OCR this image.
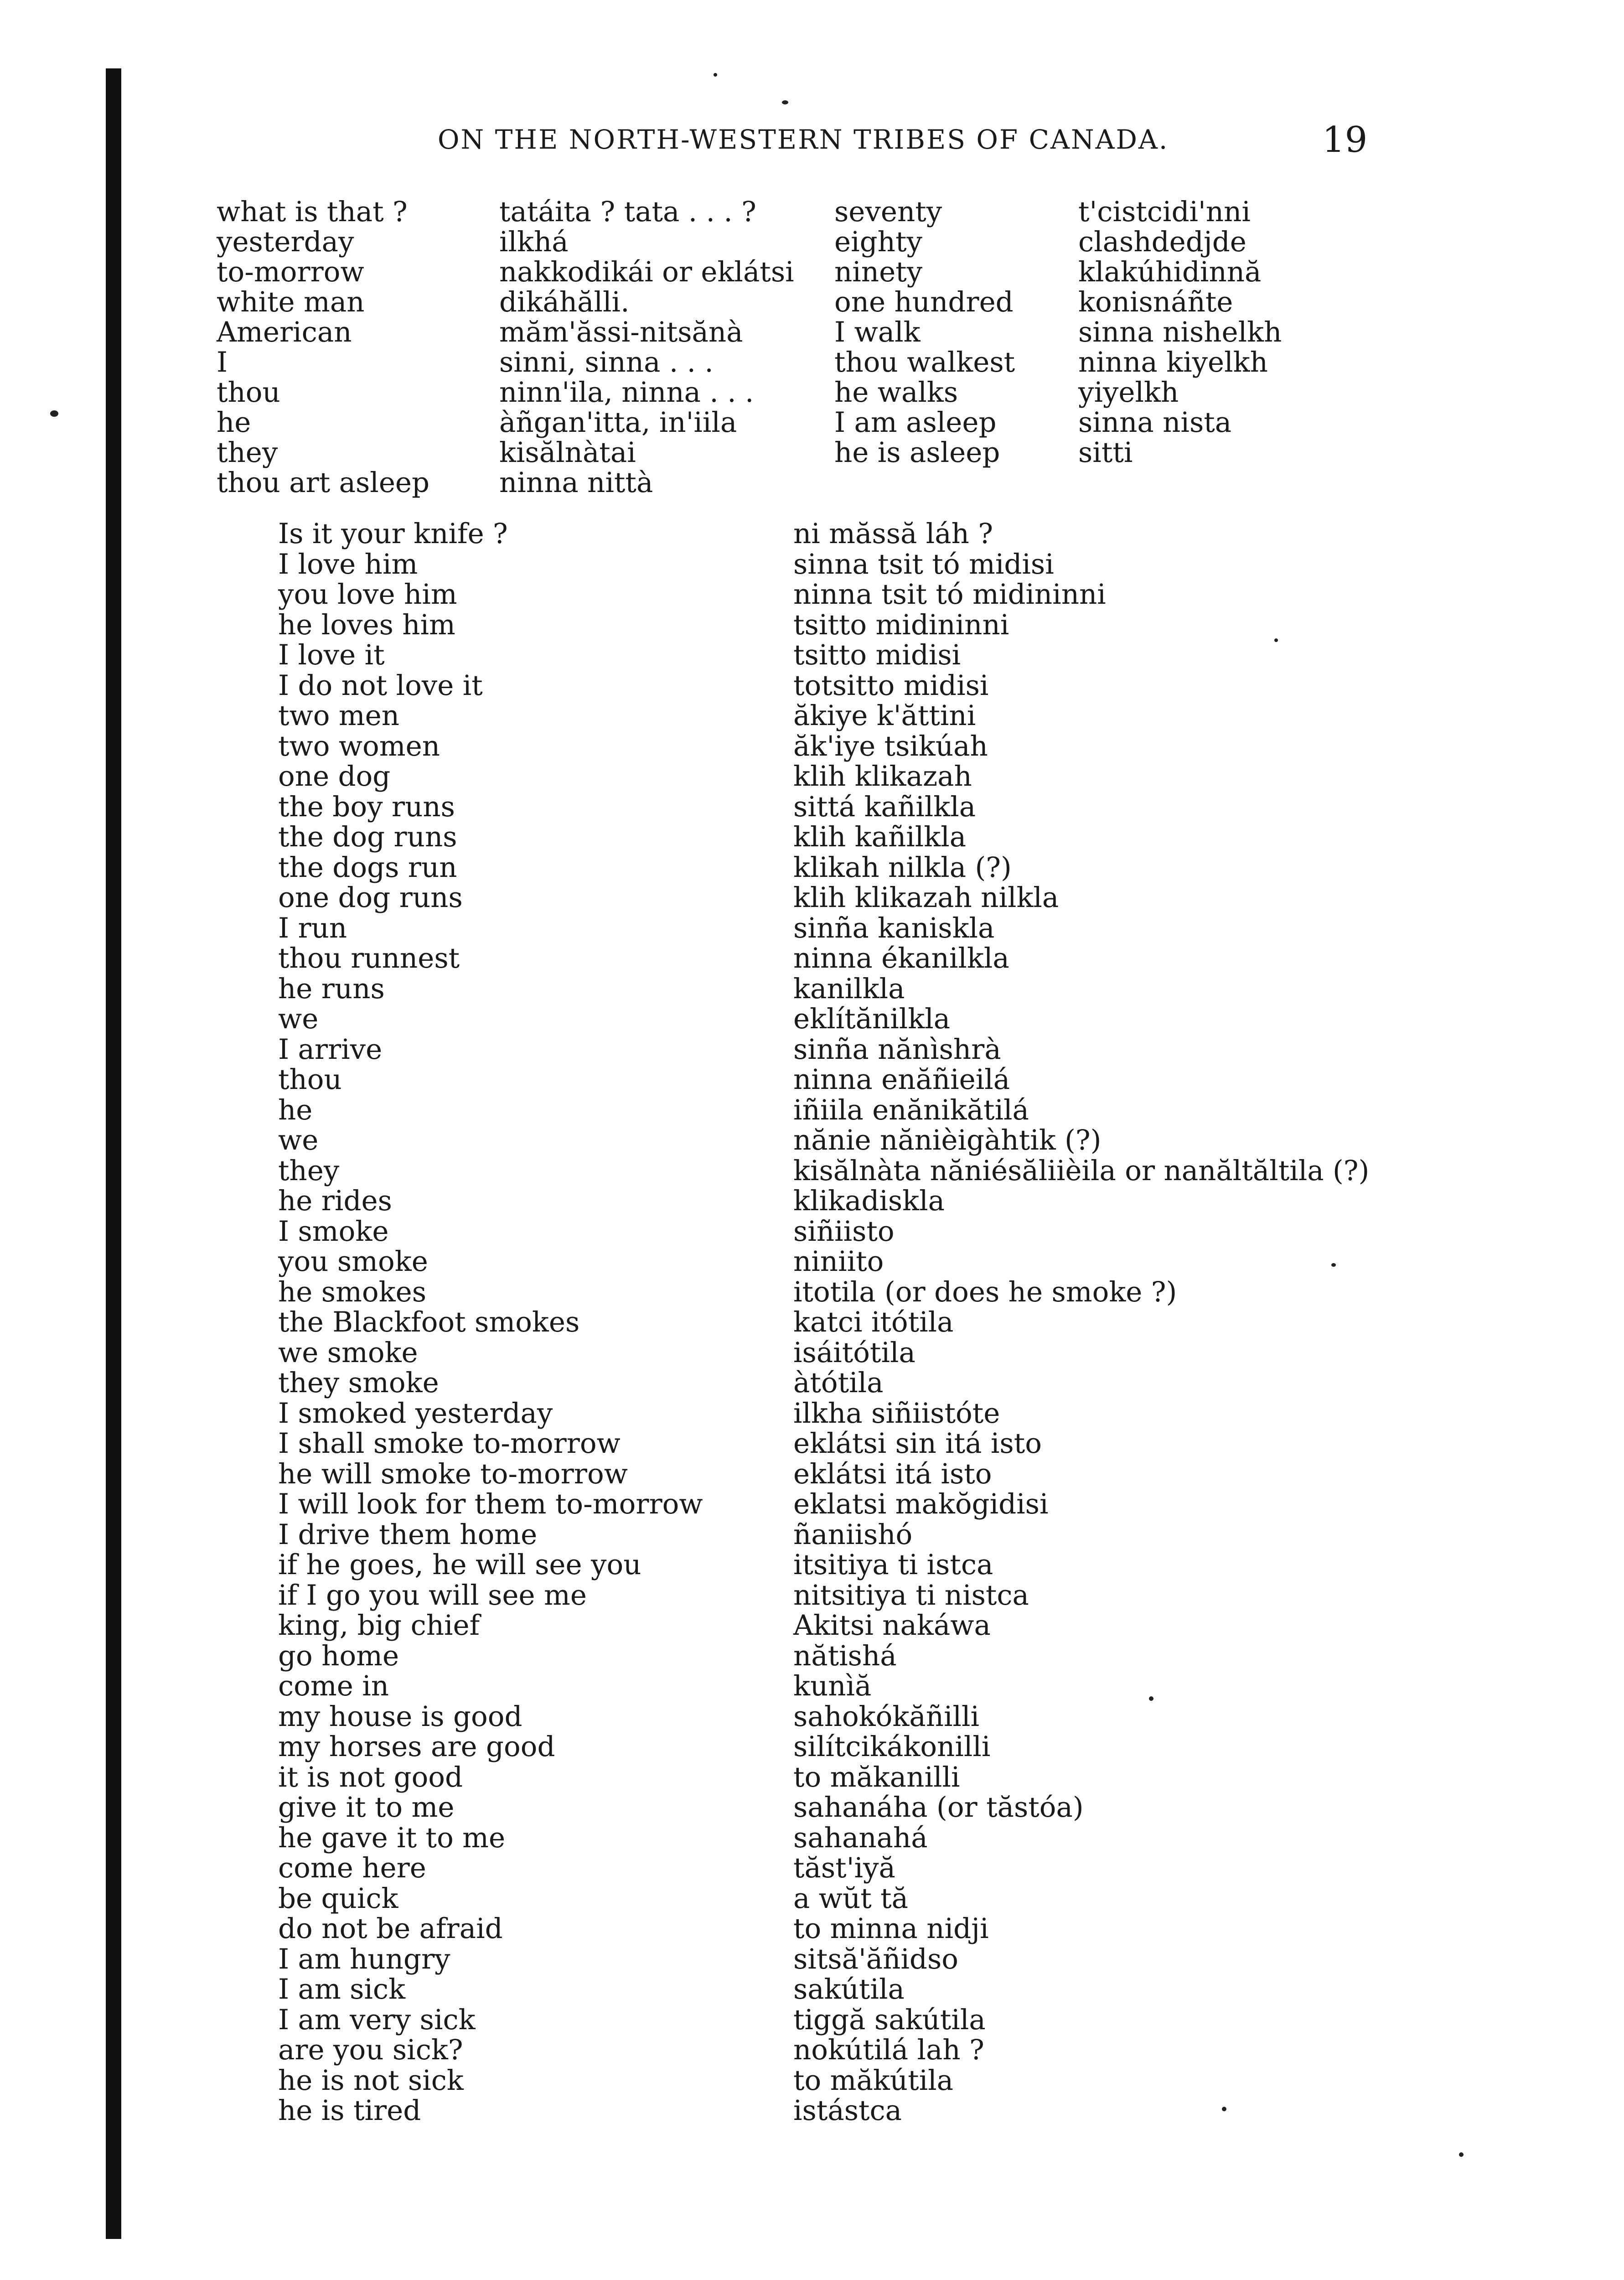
ON THE NORTH-WESTERN TRIBES OF CANADA.	19
what is that ?
yesterday
to-morrow
white man
American
I
thou
he
they
thou art asleep
tatáita ? tata . . . ?
ilkhá
nakkodikái or eklátsi
dikáhălli.
măm'ăssi-nitsănà
sinni, sinna . . .
ninn'ila, ninna . . .
àñgan'itta, in'iila
kisălnàtai
ninna nittà
seventy
eighty
ninety
one hundred
I walk
thou walkest
he walks
I am asleep
he is asleep
t'cistcidi'nni
clashdedjde
klakúhidinnă
konisnáñte
sinna nishelkh
ninna kiyelkh
yiyelkh
sinna nista
sitti
Is it your knife ?
I love him
you love him
he loves him
I love it
I do not love it
two men
two women
one dog
the boy runs
the dog runs
the dogs run
one dog runs
I run
thou runnest
he runs
we
I arrive
thou
he
we
they
he rides
I smoke
you smoke
he smokes
the Blackfoot smokes
we smoke
they smoke
I smoked yesterday
I shall smoke to-morrow
he will smoke to-morrow
I will look for them to-morrow
I drive them home
if he goes, he will see you
if I go you will see me
king, big chief
go home
come in
my house is good
my horses are good
it is not good
give it to me
he gave it to me
come here
be quick
do not be afraid
I am hungry
I am sick
I am very sick
are you sick?
he is not sick
he is tired
ni măssă láh ?
sinna tsit tó midisi
ninna tsit tó midininni
tsitto midininni
tsitto midisi
totsitto midisi
ăkiye k'ăttini
ăk'iye tsikúah
klih klikazah
sittá kañilkla
klih kañilkla
klikah nilkla (?)
klih klikazah nilkla
sinña kaniskla
ninna ékanilkla
kanilkla
eklítănilkla
sinña nănìshrà
ninna enăñieilá
iñiila enănikătilá
nănie nănièigàhtik (?)
kisălnàta năniésăliièila or nanăltăltila (?)
klikadiskla
siñiisto
niniito
itotila (or does he smoke ?)
katci itótila
isáitótila
àtótila
ilkha siñiistóte
eklátsi sin itá isto
eklátsi itá isto
eklatsi makŏgidisi
ñaniishó
itsitiya ti istca
nitsitiya ti nistca
Akitsi nakáwa
nătishá
kunìă
sahokókăñilli
silítcikákonilli
to măkanilli
sahanáha (or tăstóa)
sahanahá
tăst'iyă
a wŭt tă
to minna nidji
sitsă'ăñidso
sakútila
tiggă sakútila
nokútilá lah ?
to măkútila
istástca
